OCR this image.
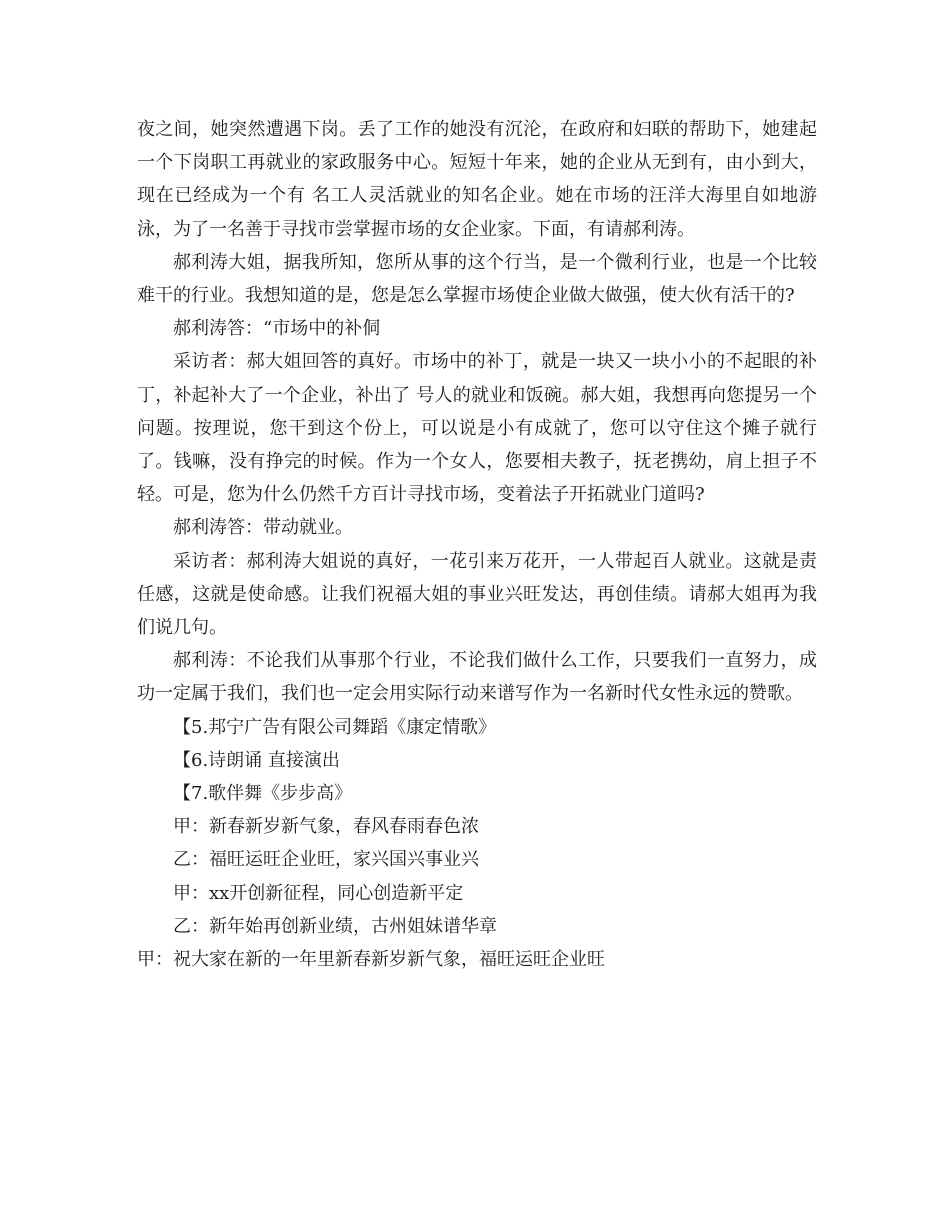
夜之间，她突然遭遇下岗。丢了工作的她没有沉沦，在政府和妇联的帮助下，她建起一个下岗职工再就业的家政服务中心。短短十年来，她的企业从无到有，由小到大，现在已经成为一个有 名工人灵活就业的知名企业。她在市场的汪洋大海里自如地游泳，为了一名善于寻找市尝掌握市场的女企业家。下面，有请郝利涛。

郝利涛大姐，据我所知，您所从事的这个行当，是一个微利行业，也是一个比较难干的行业。我想知道的是，您是怎么掌握市场使企业做大做强，使大伙有活干的?

郝利涛答：“市场中的补侗

采访者：郝大姐回答的真好。市场中的补丁，就是一块又一块小小的不起眼的补丁，补起补大了一个企业，补出了 号人的就业和饭碗。郝大姐，我想再向您提另一个问题。按理说，您干到这个份上，可以说是小有成就了，您可以守住这个摊子就行了。钱嘛，没有挣完的时候。作为一个女人，您要相夫教子，抚老携幼，肩上担子不轻。可是，您为什么仍然千方百计寻找市场，变着法子开拓就业门道吗?

郝利涛答：带动就业。

采访者：郝利涛大姐说的真好，一花引来万花开，一人带起百人就业。这就是责任感，这就是使命感。让我们祝福大姐的事业兴旺发达，再创佳绩。请郝大姐再为我们说几句。

郝利涛：不论我们从事那个行业，不论我们做什么工作，只要我们一直努力，成功一定属于我们，我们也一定会用实际行动来谱写作为一名新时代女性永远的赞歌。

【5.邦宁广告有限公司舞蹈《康定情歌》

【6.诗朗诵 直接演出

【7.歌伴舞《步步高》

甲：新春新岁新气象，春风春雨春色浓

乙：福旺运旺企业旺，家兴国兴事业兴

甲：xx开创新征程，同心创造新平定

乙：新年始再创新业绩，古州姐妹谱华章

甲：祝大家在新的一年里新春新岁新气象，福旺运旺企业旺
